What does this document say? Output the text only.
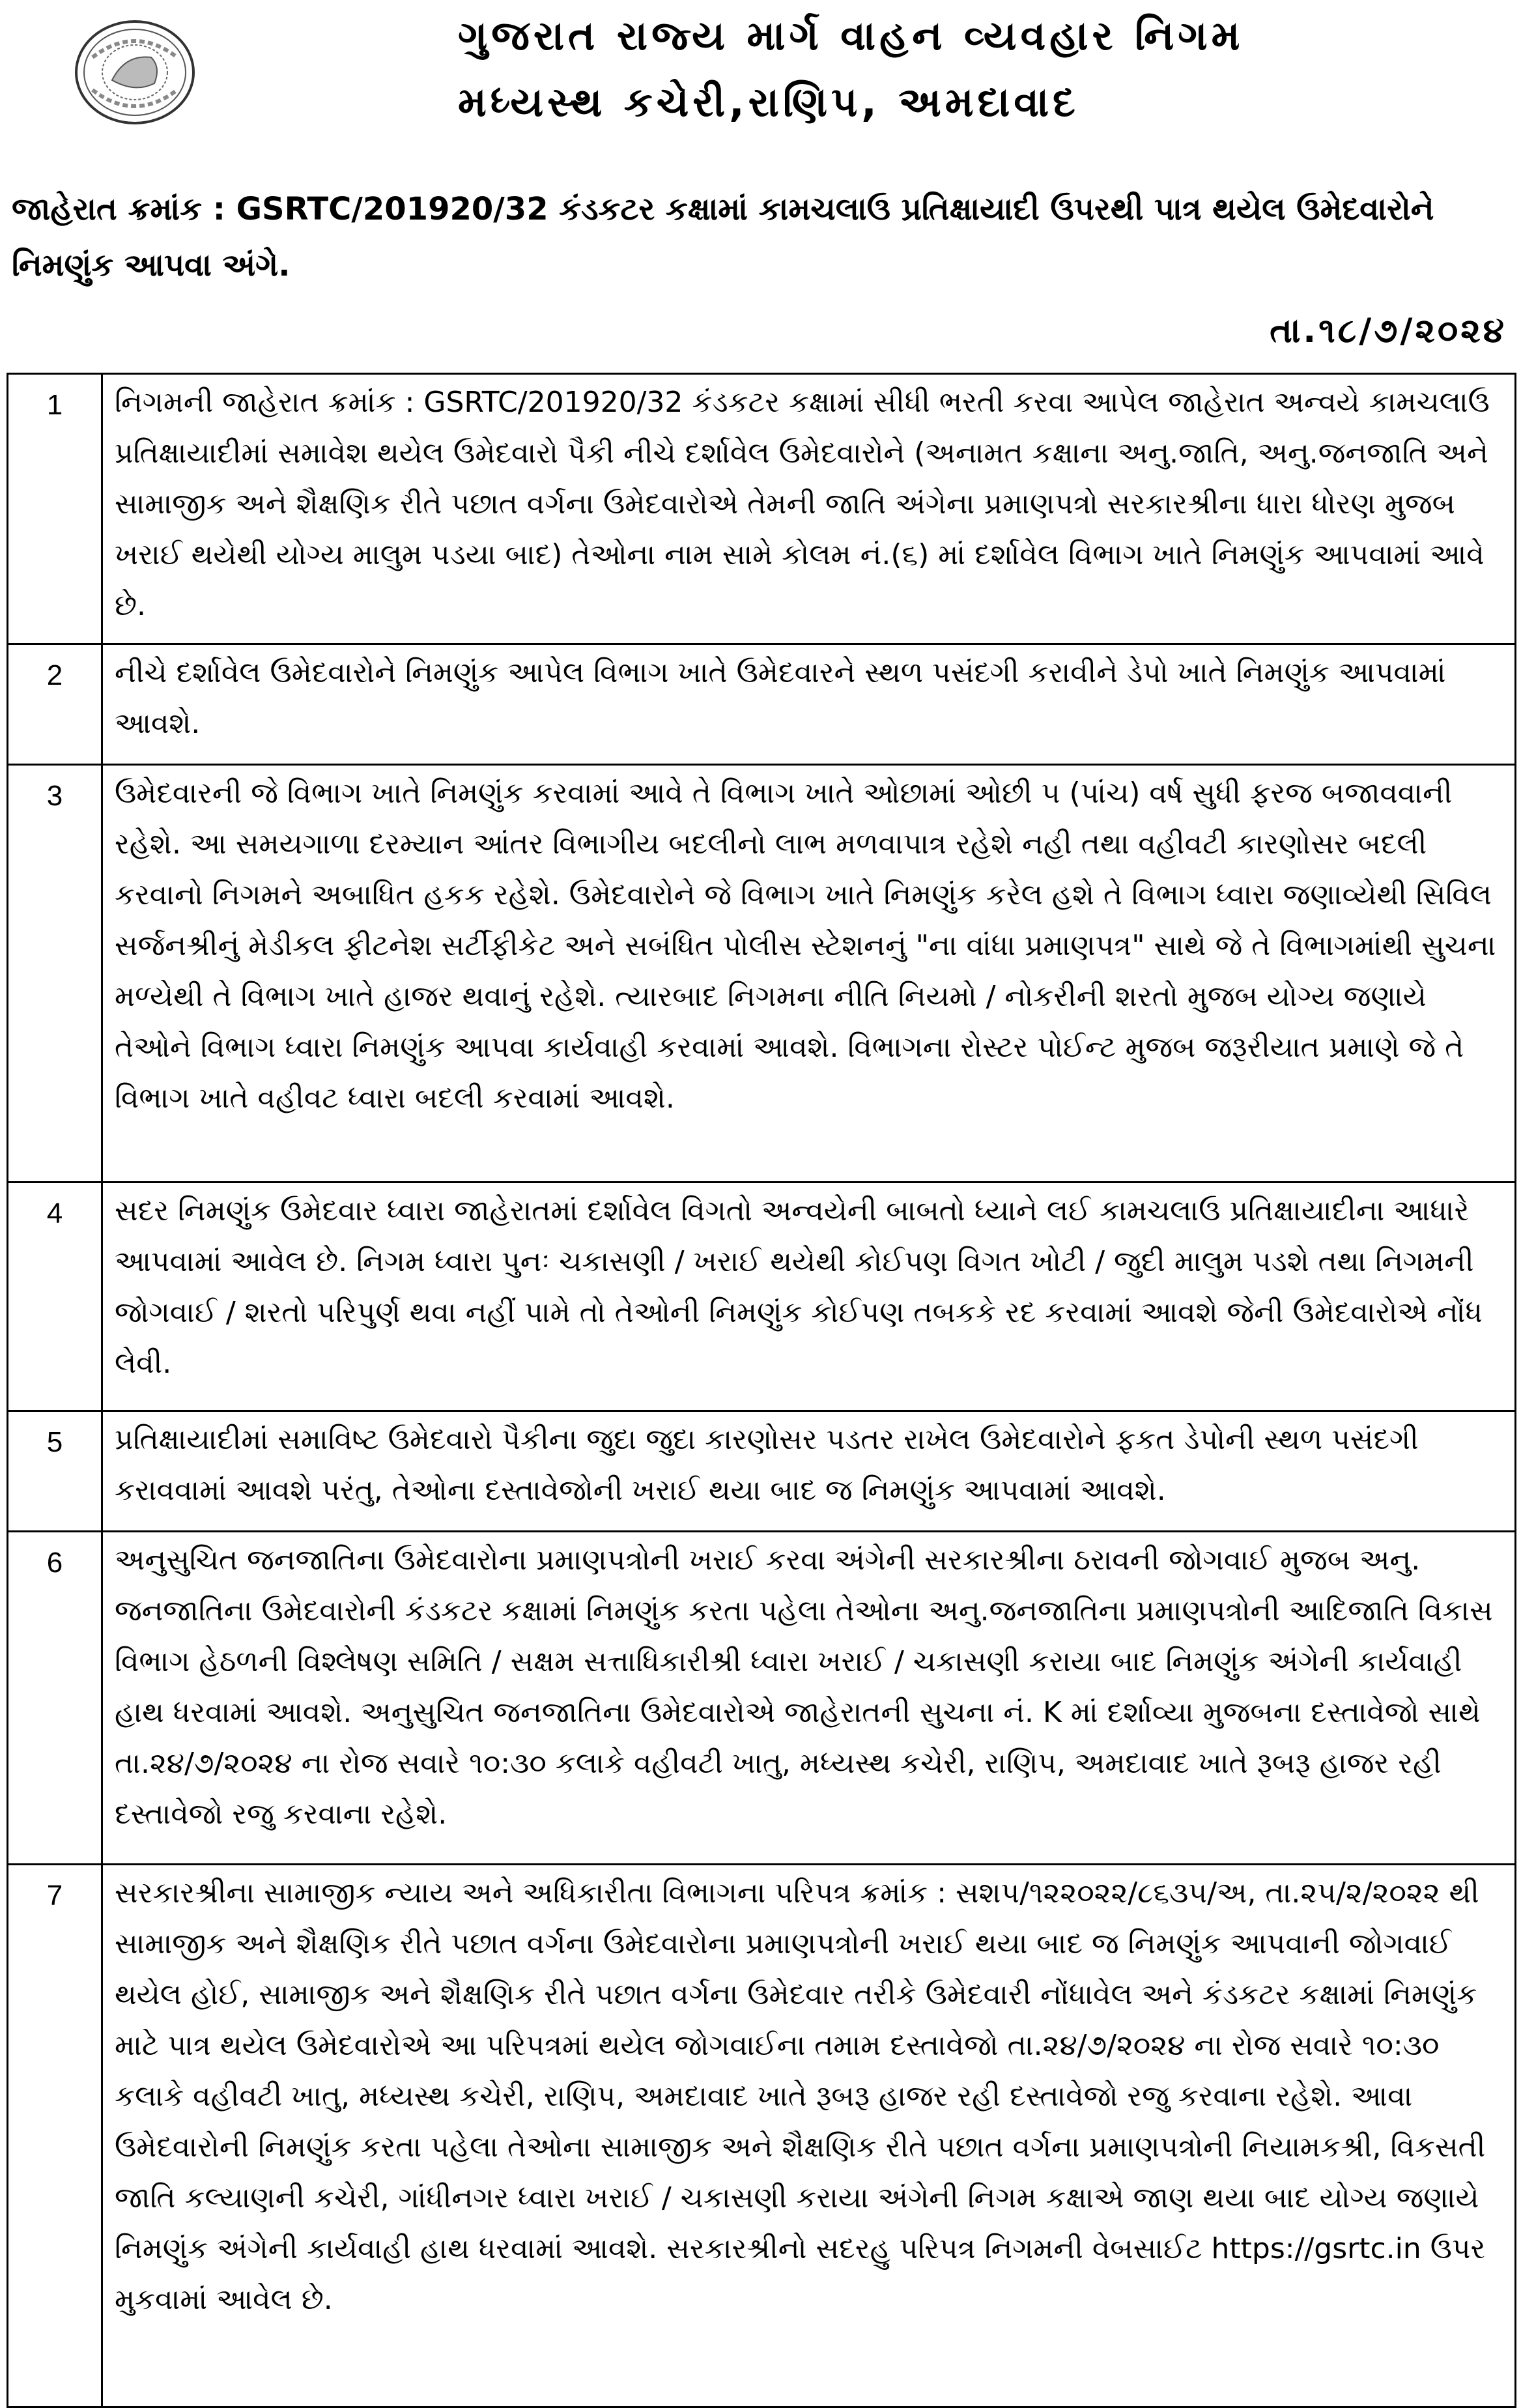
ગુજરાત રાજ્ય માર્ગ વાહન વ્યવહાર નિગમ
મધ્યસ્થ કચેરી,રાણિપ, અમદાવાદ

જાહેરાત ક્રમાંક : GSRTC/201920/32 કંડકટર કક્ષામાં કામચલાઉ પ્રતિક્ષાયાદી ઉપરથી પાત્ર થયેલ ઉમેદવારોને નિમણુંક આપવા અંગે.

તા.૧૮/૭/૨૦૨૪

1	નિગમની જાહેરાત ક્રમાંક : GSRTC/201920/32 કંડકટર કક્ષામાં સીધી ભરતી કરવા આપેલ જાહેરાત અન્વયે કામચલાઉ પ્રતિક્ષાયાદીમાં સમાવેશ થયેલ ઉમેદવારો પૈકી નીચે દર્શાવેલ ઉમેદવારોને (અનામત કક્ષાના અનુ.જાતિ, અનુ.જનજાતિ અને સામાજીક અને શૈક્ષણિક રીતે પછાત વર્ગના ઉમેદવારોએ તેમની જાતિ અંગેના પ્રમાણપત્રો સરકારશ્રીના ધારા ધોરણ મુજબ ખરાઈ થયેથી યોગ્ય માલુમ પડયા બાદ) તેઓના નામ સામે કોલમ નં.(૬) માં દર્શાવેલ વિભાગ ખાતે નિમણુંક આપવામાં આવે છે.
2	નીચે દર્શાવેલ ઉમેદવારોને નિમણુંક આપેલ વિભાગ ખાતે ઉમેદવારને સ્થળ પસંદગી કરાવીને ડેપો ખાતે નિમણુંક આપવામાં આવશે.
3	ઉમેદવારની જે વિભાગ ખાતે નિમણુંક કરવામાં આવે તે વિભાગ ખાતે ઓછામાં ઓછી ૫ (પાંચ) વર્ષ સુધી ફરજ બજાવવાની રહેશે. આ સમયગાળા દરમ્યાન આંતર વિભાગીય બદલીનો લાભ મળવાપાત્ર રહેશે નહી તથા વહીવટી કારણોસર બદલી કરવાનો નિગમને અબાધિત હકક રહેશે. ઉમેદવારોને જે વિભાગ ખાતે નિમણુંક કરેલ હશે તે વિભાગ ધ્વારા જણાવ્યેથી સિવિલ સર્જનશ્રીનું મેડીકલ ફીટનેશ સર્ટીફીકેટ અને સબંધિત પોલીસ સ્ટેશનનું "ના વાંધા પ્રમાણપત્ર" સાથે જે તે વિભાગમાંથી સુચના મળ્યેથી તે વિભાગ ખાતે હાજર થવાનું રહેશે. ત્યારબાદ નિગમના નીતિ નિયમો / નોકરીની શરતો મુજબ યોગ્ય જણાયે તેઓને વિભાગ ધ્વારા નિમણુંક આપવા કાર્યવાહી કરવામાં આવશે. વિભાગના રોસ્ટર પોઈન્ટ મુજબ જરૂરીયાત પ્રમાણે જે તે વિભાગ ખાતે વહીવટ ધ્વારા બદલી કરવામાં આવશે.
4	સદર નિમણુંક ઉમેદવાર ધ્વારા જાહેરાતમાં દર્શાવેલ વિગતો અન્વયેની બાબતો ધ્યાને લઈ કામચલાઉ પ્રતિક્ષાયાદીના આધારે આપવામાં આવેલ છે. નિગમ ધ્વારા પુનઃ ચકાસણી / ખરાઈ થયેથી કોઈપણ વિગત ખોટી / જુદી માલુમ પડશે તથા નિગમની જોગવાઈ / શરતો પરિપુર્ણ થવા નહીં પામે તો તેઓની નિમણુંક કોઈપણ તબકકે રદ કરવામાં આવશે જેની ઉમેદવારોએ નોંધ લેવી.
5	પ્રતિક્ષાયાદીમાં સમાવિષ્ટ ઉમેદવારો પૈકીના જુદા જુદા કારણોસર પડતર રાખેલ ઉમેદવારોને ફકત ડેપોની સ્થળ પસંદગી કરાવવામાં આવશે પરંતુ, તેઓના દસ્તાવેજોની ખરાઈ થયા બાદ જ નિમણુંક આપવામાં આવશે.
6	અનુસુચિત જનજાતિના ઉમેદવારોના પ્રમાણપત્રોની ખરાઈ કરવા અંગેની સરકારશ્રીના ઠરાવની જોગવાઈ મુજબ અનુ. જનજાતિના ઉમેદવારોની કંડકટર કક્ષામાં નિમણુંક કરતા પહેલા તેઓના અનુ.જનજાતિના પ્રમાણપત્રોની આદિજાતિ વિકાસ વિભાગ હેઠળની વિશ્લેષણ સમિતિ / સક્ષમ સત્તાધિકારીશ્રી ધ્વારા ખરાઈ / ચકાસણી કરાયા બાદ નિમણુંક અંગેની કાર્યવાહી હાથ ધરવામાં આવશે. અનુસુચિત જનજાતિના ઉમેદવારોએ જાહેરાતની સુચના નં. K માં દર્શાવ્યા મુજબના દસ્તાવેજો સાથે તા.૨૪/૭/૨૦૨૪ ના રોજ સવારે ૧૦:૩૦ કલાકે વહીવટી ખાતુ, મધ્યસ્થ કચેરી, રાણિપ, અમદાવાદ ખાતે રૂબરૂ હાજર રહી દસ્તાવેજો રજુ કરવાના રહેશે.
7	સરકારશ્રીના સામાજીક ન્યાય અને અધિકારીતા વિભાગના પરિપત્ર ક્રમાંક : સશપ/૧૨૨૦૨૨/૮૬૩૫/અ, તા.૨૫/૨/૨૦૨૨ થી સામાજીક અને શૈક્ષણિક રીતે પછાત વર્ગના ઉમેદવારોના પ્રમાણપત્રોની ખરાઈ થયા બાદ જ નિમણુંક આપવાની જોગવાઈ થયેલ હોઈ, સામાજીક અને શૈક્ષણિક રીતે પછાત વર્ગના ઉમેદવાર તરીકે ઉમેદવારી નોંધાવેલ અને કંડકટર કક્ષામાં નિમણુંક માટે પાત્ર થયેલ ઉમેદવારોએ આ પરિપત્રમાં થયેલ જોગવાઈના તમામ દસ્તાવેજો તા.૨૪/૭/૨૦૨૪ ના રોજ સવારે ૧૦:૩૦ કલાકે વહીવટી ખાતુ, મધ્યસ્થ કચેરી, રાણિપ, અમદાવાદ ખાતે રૂબરૂ હાજર રહી દસ્તાવેજો રજુ કરવાના રહેશે. આવા ઉમેદવારોની નિમણુંક કરતા પહેલા તેઓના સામાજીક અને શૈક્ષણિક રીતે પછાત વર્ગના પ્રમાણપત્રોની નિયામકશ્રી, વિકસતી જાતિ કલ્યાણની કચેરી, ગાંધીનગર ધ્વારા ખરાઈ / ચકાસણી કરાયા અંગેની નિગમ કક્ષાએ જાણ થયા બાદ યોગ્ય જણાયે નિમણુંક અંગેની કાર્યવાહી હાથ ધરવામાં આવશે. સરકારશ્રીનો સદરહુ પરિપત્ર નિગમની વેબસાઈટ https://gsrtc.in ઉપર મુકવામાં આવેલ છે.
